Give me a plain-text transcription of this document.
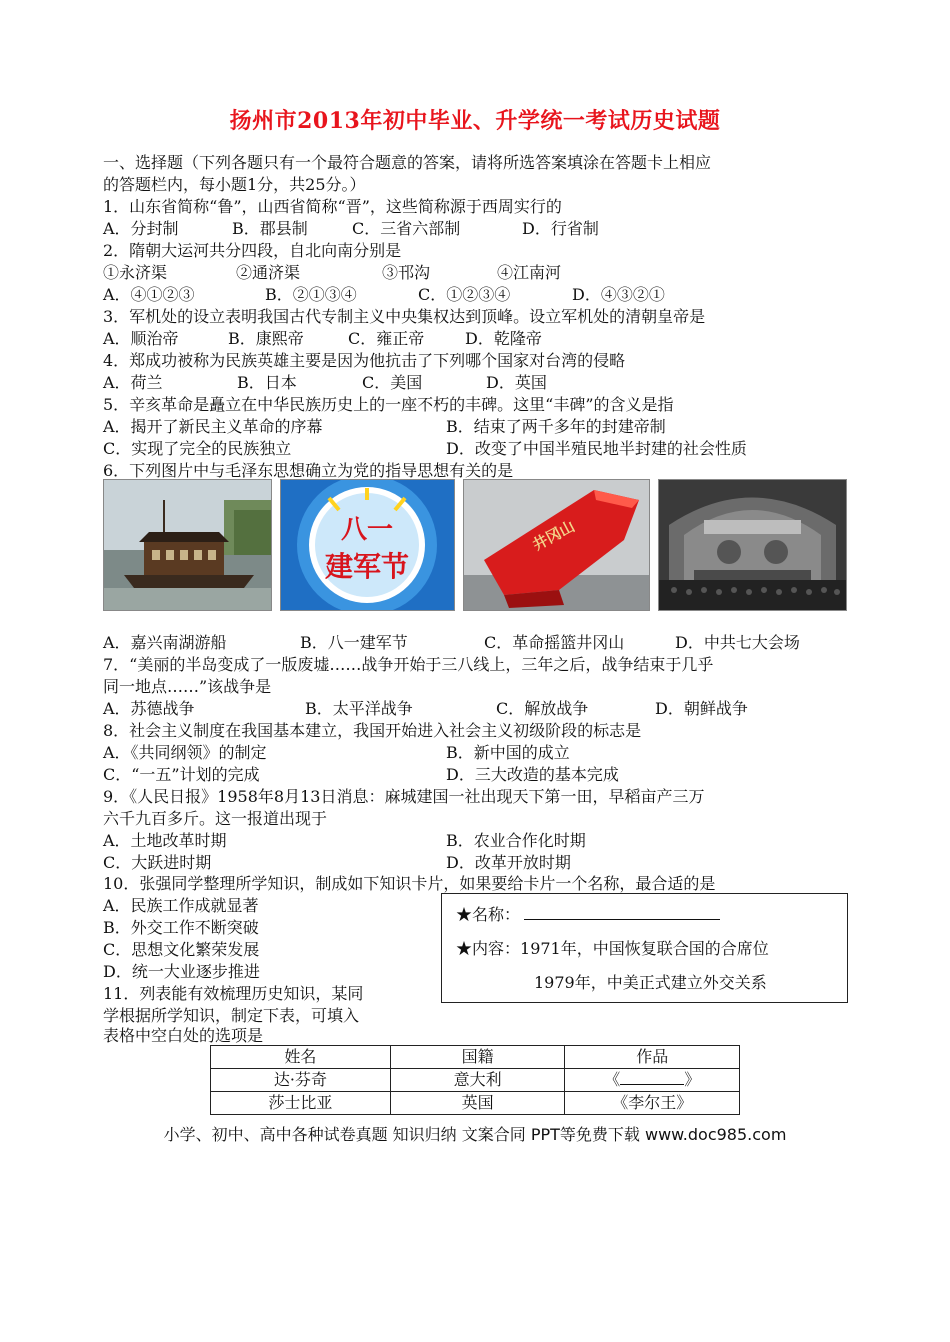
扬州市2013年初中毕业、升学统一考试历史试题
一、选择题（下列各题只有一个最符合题意的答案，请将所选答案填涂在答题卡上相应
的答题栏内，每小题1分，共25分。）
1．山东省简称“鲁”，山西省简称“晋”，这些简称源于西周实行的
A．分封制	B．郡县制	C．三省六部制	D．行省制
2．隋朝大运河共分四段，自北向南分别是
①永济渠	②通济渠	③邗沟	④江南河
A．④①②③	B．②①③④	C．①②③④	D．④③②①
3．军机处的设立表明我国古代专制主义中央集权达到顶峰。设立军机处的清朝皇帝是
A．顺治帝	B．康熙帝	C．雍正帝	D．乾隆帝
4．郑成功被称为民族英雄主要是因为他抗击了下列哪个国家对台湾的侵略
A．荷兰	B．日本	C．美国	D．英国
5．辛亥革命是矗立在中华民族历史上的一座不朽的丰碑。这里“丰碑”的含义是指
A．揭开了新民主义革命的序幕	B．结束了两千多年的封建帝制
C．实现了完全的民族独立	D．改变了中国半殖民地半封建的社会性质
6．下列图片中与毛泽东思想确立为党的指导思想有关的是
八一
建军节
井冈山
A．嘉兴南湖游船	B．八一建军节	C．革命摇篮井冈山	D．中共七大会场
7．“美丽的半岛变成了一版废墟……战争开始于三八线上，三年之后，战争结束于几乎
同一地点……”该战争是
A．苏德战争	B．太平洋战争	C．解放战争	D．朝鲜战争
8．社会主义制度在我国基本建立，我国开始进入社会主义初级阶段的标志是
A．《共同纲领》的制定	B．新中国的成立
C．“一五”计划的完成	D．三大改造的基本完成
9．《人民日报》1958年8月13日消息：麻城建国一社出现天下第一田，早稻亩产三万
六千九百多斤。这一报道出现于
A．土地改革时期	B．农业合作化时期
C．大跃进时期	D．改革开放时期
10．张强同学整理所学知识，制成如下知识卡片，如果要给卡片一个名称，最合适的是
A．民族工作成就显著
B．外交工作不断突破
C．思想文化繁荣发展
D．统一大业逐步推进
★名称：
★内容：1971年，中国恢复联合国的合席位
1979年，中美正式建立外交关系
11．列表能有效梳理历史知识，某同
学根据所学知识，制定下表，可填入
表格中空白处的选项是
姓名	国籍	作品
达·芬奇	意大利	《 》
莎士比亚	英国	《李尔王》
小学、初中、高中各种试卷真题 知识归纳 文案合同 PPT等免费下载 www.doc985.com
